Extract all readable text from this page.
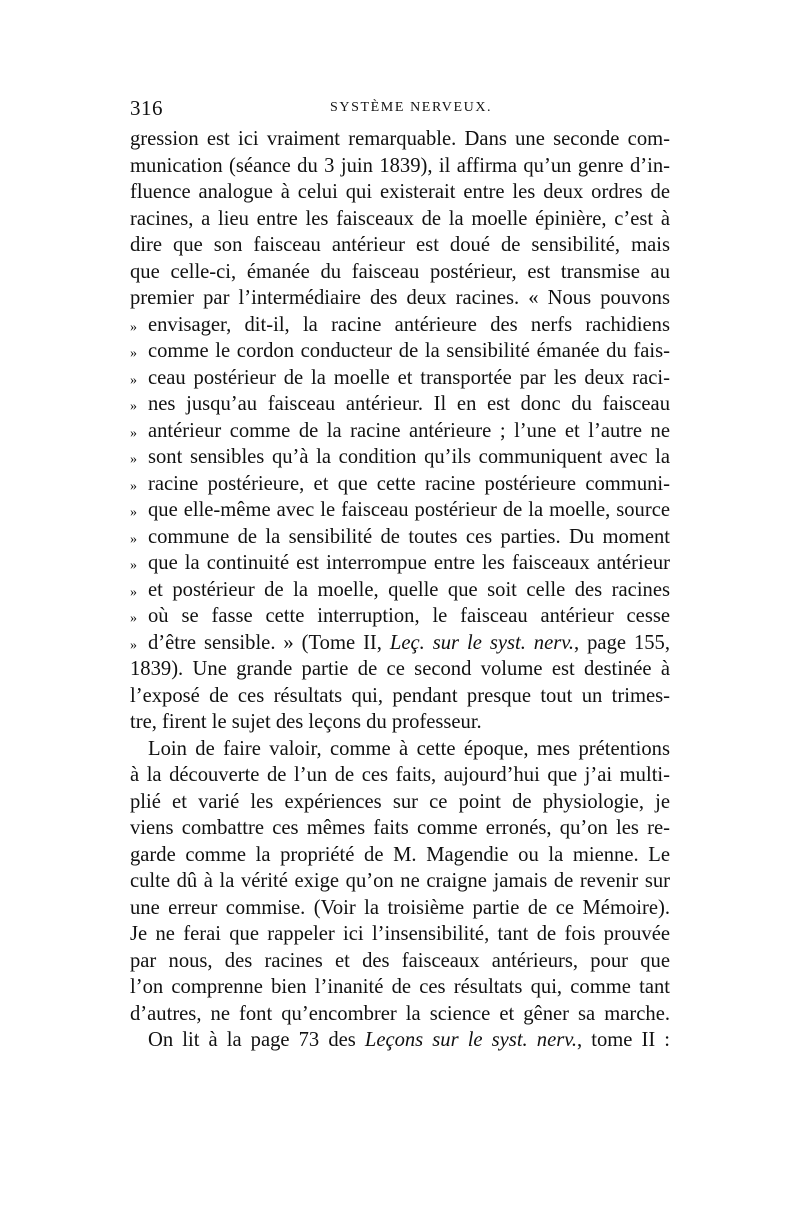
316	SYSTÈME NERVEUX.
gression est ici vraiment remarquable. Dans une seconde com-
munication (séance du 3 juin 1839), il affirma qu’un genre d’in-
fluence analogue à celui qui existerait entre les deux ordres de
racines, a lieu entre les faisceaux de la moelle épinière, c’est à
dire que son faisceau antérieur est doué de sensibilité, mais
que celle-ci, émanée du faisceau postérieur, est transmise au
premier par l’intermédiaire des deux racines. « Nous pouvons
» envisager, dit-il, la racine antérieure des nerfs rachidiens
» comme le cordon conducteur de la sensibilité émanée du fais-
» ceau postérieur de la moelle et transportée par les deux raci-
» nes jusqu’au faisceau antérieur. Il en est donc du faisceau
» antérieur comme de la racine antérieure ; l’une et l’autre ne
» sont sensibles qu’à la condition qu’ils communiquent avec la
» racine postérieure, et que cette racine postérieure communi-
» que elle-même avec le faisceau postérieur de la moelle, source
» commune de la sensibilité de toutes ces parties. Du moment
» que la continuité est interrompue entre les faisceaux antérieur
» et postérieur de la moelle, quelle que soit celle des racines
» où se fasse cette interruption, le faisceau antérieur cesse
» d’être sensible. » (Tome II, Leç. sur le syst. nerv., page 155,
1839). Une grande partie de ce second volume est destinée à
l’exposé de ces résultats qui, pendant presque tout un trimes-
tre, firent le sujet des leçons du professeur.
Loin de faire valoir, comme à cette époque, mes prétentions
à la découverte de l’un de ces faits, aujourd’hui que j’ai multi-
plié et varié les expériences sur ce point de physiologie, je
viens combattre ces mêmes faits comme erronés, qu’on les re-
garde comme la propriété de M. Magendie ou la mienne. Le
culte dû à la vérité exige qu’on ne craigne jamais de revenir sur
une erreur commise. (Voir la troisième partie de ce Mémoire).
Je ne ferai que rappeler ici l’insensibilité, tant de fois prouvée
par nous, des racines et des faisceaux antérieurs, pour que
l’on comprenne bien l’inanité de ces résultats qui, comme tant
d’autres, ne font qu’encombrer la science et gêner sa marche.
On lit à la page 73 des Leçons sur le syst. nerv., tome II :
